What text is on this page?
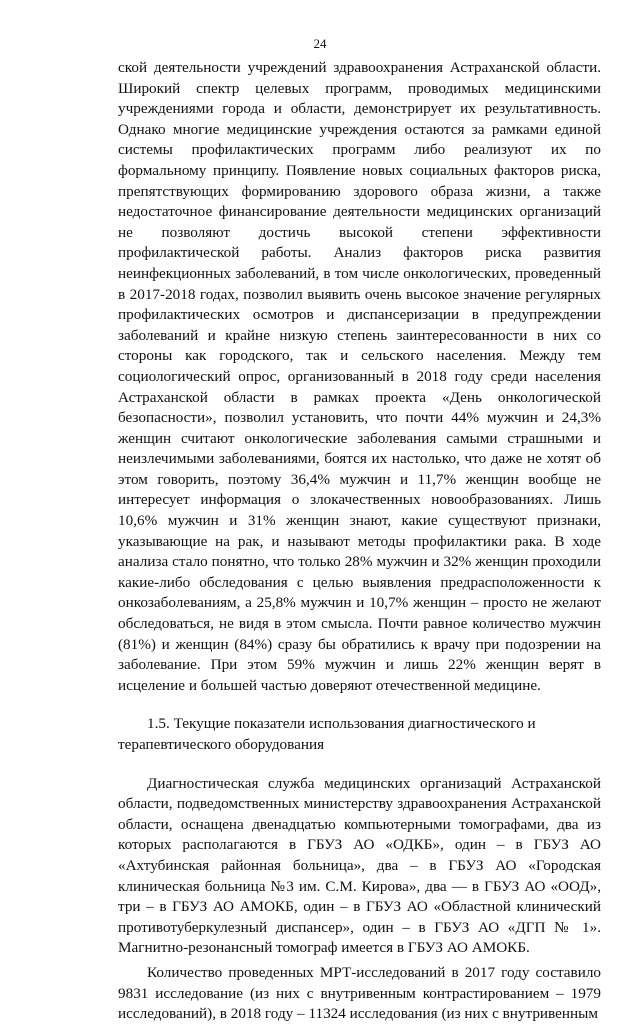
24

ской деятельности учреждений здравоохранения Астраханской области. Широкий спектр целевых программ, проводимых медицинскими учреждениями города и области, демонстрирует их результативность. Однако многие медицинские учреждения остаются за рамками единой системы профилактических программ либо реализуют их по формальному принципу. Появление новых социальных факторов риска, препятствующих формированию здорового образа жизни, а также недостаточное финансирование деятельности медицинских организаций не позволяют достичь высокой степени эффективности профилактической работы. Анализ факторов риска развития неинфекционных заболеваний, в том числе онкологических, проведенный в 2017-2018 годах, позволил выявить очень высокое значение регулярных профилактических осмотров и диспансеризации в предупреждении заболеваний и крайне низкую степень заинтересованности в них со стороны как городского, так и сельского населения. Между тем социологический опрос, организованный в 2018 году среди населения Астраханской области в рамках проекта «День онкологической безопасности», позволил установить, что почти 44% мужчин и 24,3% женщин считают онкологические заболевания самыми страшными и неизлечимыми заболеваниями, боятся их настолько, что даже не хотят об этом говорить, поэтому 36,4% мужчин и 11,7% женщин вообще не интересует информация о злокачественных новообразованиях. Лишь 10,6% мужчин и 31% женщин знают, какие существуют признаки, указывающие на рак, и называют методы профилактики рака. В ходе анализа стало понятно, что только 28% мужчин и 32% женщин проходили какие-либо обследования с целью выявления предрасположенности к онкозаболеваниям, а 25,8% мужчин и 10,7% женщин – просто не желают обследоваться, не видя в этом смысла. Почти равное количество мужчин (81%) и женщин (84%) сразу бы обратились к врачу при подозрении на заболевание. При этом 59% мужчин и лишь 22% женщин верят в исцеление и большей частью доверяют отечественной медицине.

1.5. Текущие показатели использования диагностического и терапевтического оборудования

Диагностическая служба медицинских организаций Астраханской области, подведомственных министерству здравоохранения Астраханской области, оснащена двенадцатью компьютерными томографами, два из которых располагаются в ГБУЗ АО «ОДКБ», один – в ГБУЗ АО «Ахтубинская районная больница», два – в ГБУЗ АО «Городская клиническая больница №3 им. С.М. Кирова», два — в ГБУЗ АО «ООД», три – в ГБУЗ АО АМОКБ, один – в ГБУЗ АО «Областной клинический противотуберкулезный диспансер», один – в ГБУЗ АО «ДГП № 1». Магнитно-резонансный томограф имеется в ГБУЗ АО АМОКБ.

Количество проведенных МРТ-исследований в 2017 году составило 9831 исследование (из них с внутривенным контрастированием – 1979 исследований), в 2018 году – 11324 исследования (из них с внутривенным
